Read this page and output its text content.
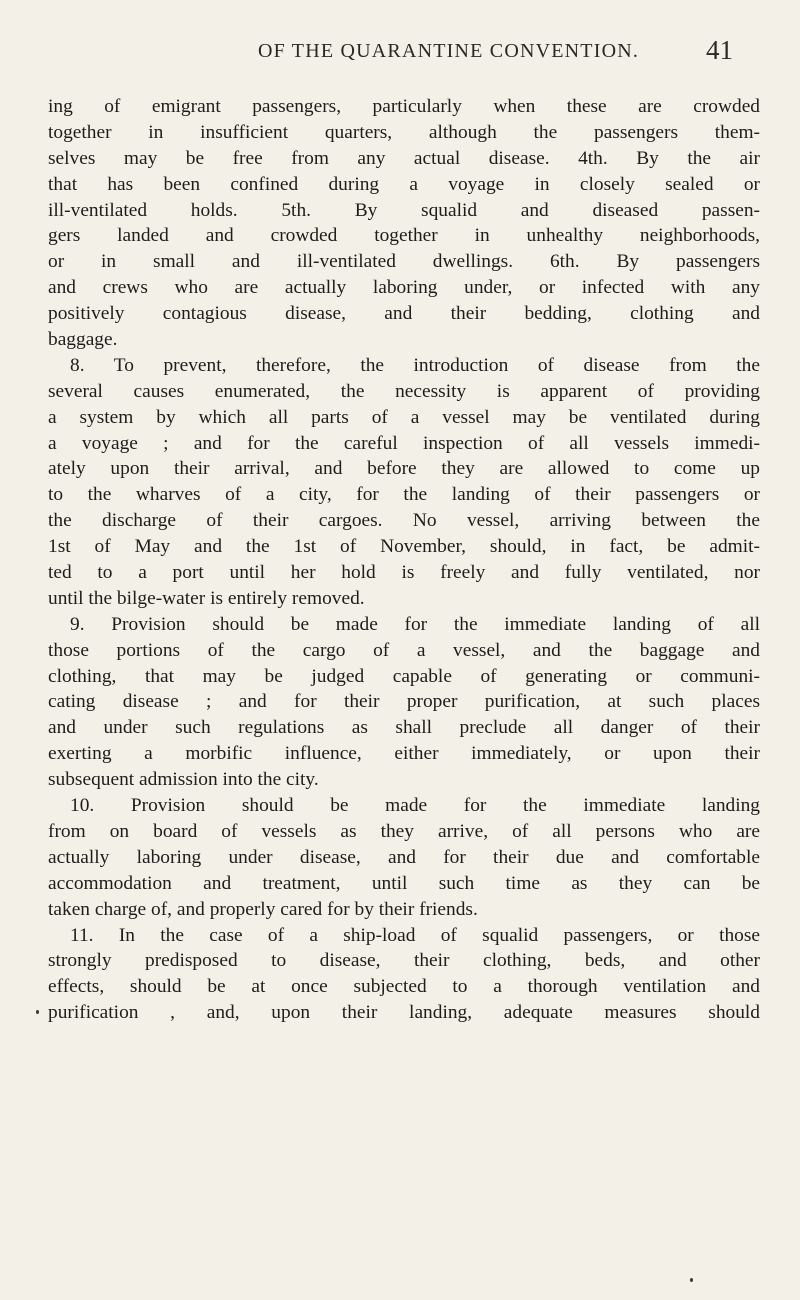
OF THE QUARANTINE CONVENTION. 41
ing of emigrant passengers, particularly when these are crowded
together in insufficient quarters, although the passengers them-
selves may be free from any actual disease. 4th. By the air
that has been confined during a voyage in closely sealed or
ill-ventilated holds. 5th. By squalid and diseased passen-
gers landed and crowded together in unhealthy neighborhoods,
or in small and ill-ventilated dwellings. 6th. By passengers
and crews who are actually laboring under, or infected with any
positively contagious disease, and their bedding, clothing and
baggage.
8. To prevent, therefore, the introduction of disease from the
several causes enumerated, the necessity is apparent of providing
a system by which all parts of a vessel may be ventilated during
a voyage ; and for the careful inspection of all vessels immedi-
ately upon their arrival, and before they are allowed to come up
to the wharves of a city, for the landing of their passengers or
the discharge of their cargoes. No vessel, arriving between the
1st of May and the 1st of November, should, in fact, be admit-
ted to a port until her hold is freely and fully ventilated, nor
until the bilge-water is entirely removed.
9. Provision should be made for the immediate landing of all
those portions of the cargo of a vessel, and the baggage and
clothing, that may be judged capable of generating or communi-
cating disease ; and for their proper purification, at such places
and under such regulations as shall preclude all danger of their
exerting a morbific influence, either immediately, or upon their
subsequent admission into the city.
10. Provision should be made for the immediate landing
from on board of vessels as they arrive, of all persons who are
actually laboring under disease, and for their due and comfortable
accommodation and treatment, until such time as they can be
taken charge of, and properly cared for by their friends.
11. In the case of a ship-load of squalid passengers, or those
strongly predisposed to disease, their clothing, beds, and other
effects, should be at once subjected to a thorough ventilation and
purification , and, upon their landing, adequate measures should
